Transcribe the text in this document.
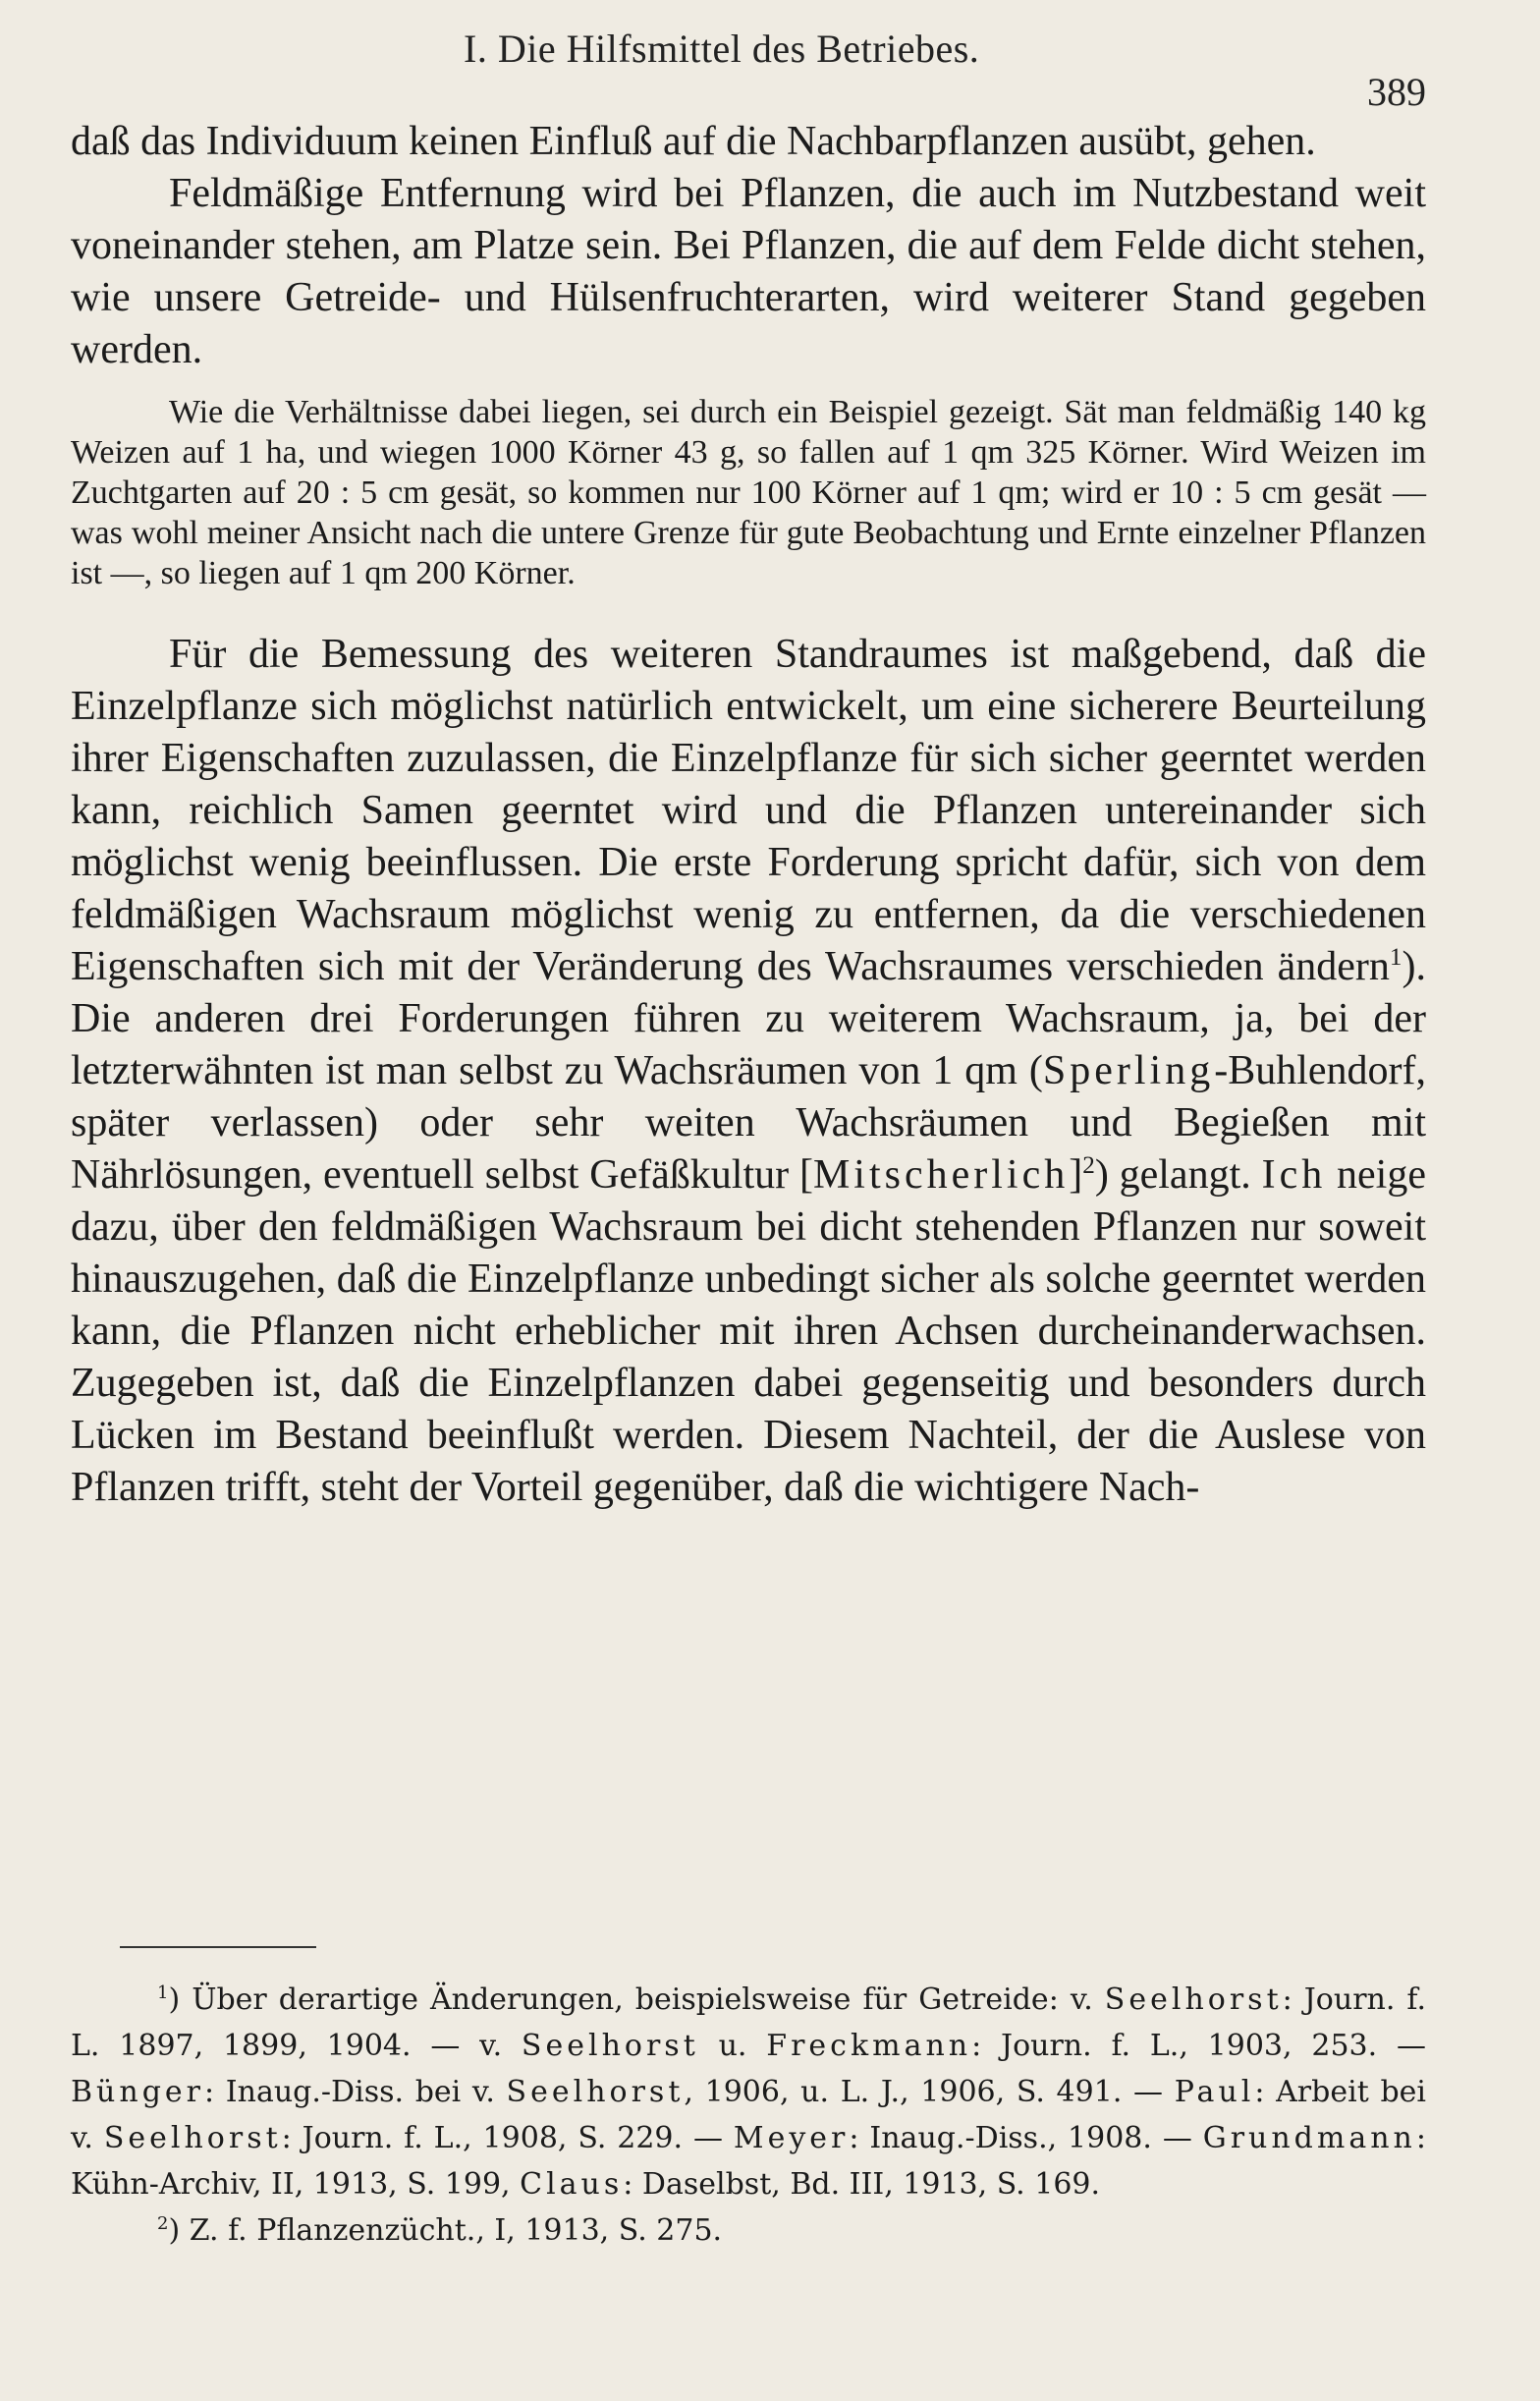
I. Die Hilfsmittel des Betriebes.
389

daß das Individuum keinen Einfluß auf die Nachbarpflanzen ausübt, gehen.

Feldmäßige Entfernung wird bei Pflanzen, die auch im Nutzbestand weit voneinander stehen, am Platze sein. Bei Pflanzen, die auf dem Felde dicht stehen, wie unsere Getreide- und Hülsenfruchterarten, wird weiterer Stand gegeben werden.

Wie die Verhältnisse dabei liegen, sei durch ein Beispiel gezeigt. Sät man feldmäßig 140 kg Weizen auf 1 ha, und wiegen 1000 Körner 43 g, so fallen auf 1 qm 325 Körner. Wird Weizen im Zuchtgarten auf 20 : 5 cm gesät, so kommen nur 100 Körner auf 1 qm; wird er 10 : 5 cm gesät — was wohl meiner Ansicht nach die untere Grenze für gute Beobachtung und Ernte einzelner Pflanzen ist —, so liegen auf 1 qm 200 Körner.

Für die Bemessung des weiteren Standraumes ist maßgebend, daß die Einzelpflanze sich möglichst natürlich entwickelt, um eine sicherere Beurteilung ihrer Eigenschaften zuzulassen, die Einzelpflanze für sich sicher geerntet werden kann, reichlich Samen geerntet wird und die Pflanzen untereinander sich möglichst wenig beeinflussen. Die erste Forderung spricht dafür, sich von dem feldmäßigen Wachsraum möglichst wenig zu entfernen, da die verschiedenen Eigenschaften sich mit der Veränderung des Wachsraumes verschieden ändern$^1$). Die anderen drei Forderungen führen zu weiterem Wachsraum, ja, bei der letzterwähnten ist man selbst zu Wachsräumen von 1 qm (Sperling-Buhlendorf, später verlassen) oder sehr weiten Wachsräumen und Begießen mit Nährlösungen, eventuell selbst Gefäßkultur [Mitscherlich]$^2$) gelangt. Ich neige dazu, über den feldmäßigen Wachsraum bei dicht stehenden Pflanzen nur soweit hinauszugehen, daß die Einzelpflanze unbedingt sicher als solche geerntet werden kann, die Pflanzen nicht erheblicher mit ihren Achsen durcheinanderwachsen. Zugegeben ist, daß die Einzelpflanzen dabei gegenseitig und besonders durch Lücken im Bestand beeinflußt werden. Diesem Nachteil, der die Auslese von Pflanzen trifft, steht der Vorteil gegenüber, daß die wichtigere Nach-

$^1$) Über derartige Änderungen, beispielsweise für Getreide: v. Seelhorst: Journ. f. L. 1897, 1899, 1904. — v. Seelhorst u. Freckmann: Journ. f. L., 1903, 253. — Bünger: Inaug.-Diss. bei v. Seelhorst, 1906, u. L. J., 1906, S. 491. — Paul: Arbeit bei v. Seelhorst: Journ. f. L., 1908, S. 229. — Meyer: Inaug.-Diss., 1908. — Grundmann: Kühn-Archiv, II, 1913, S. 199, Claus: Daselbst, Bd. III, 1913, S. 169.

$^2$) Z. f. Pflanzenzücht., I, 1913, S. 275.
